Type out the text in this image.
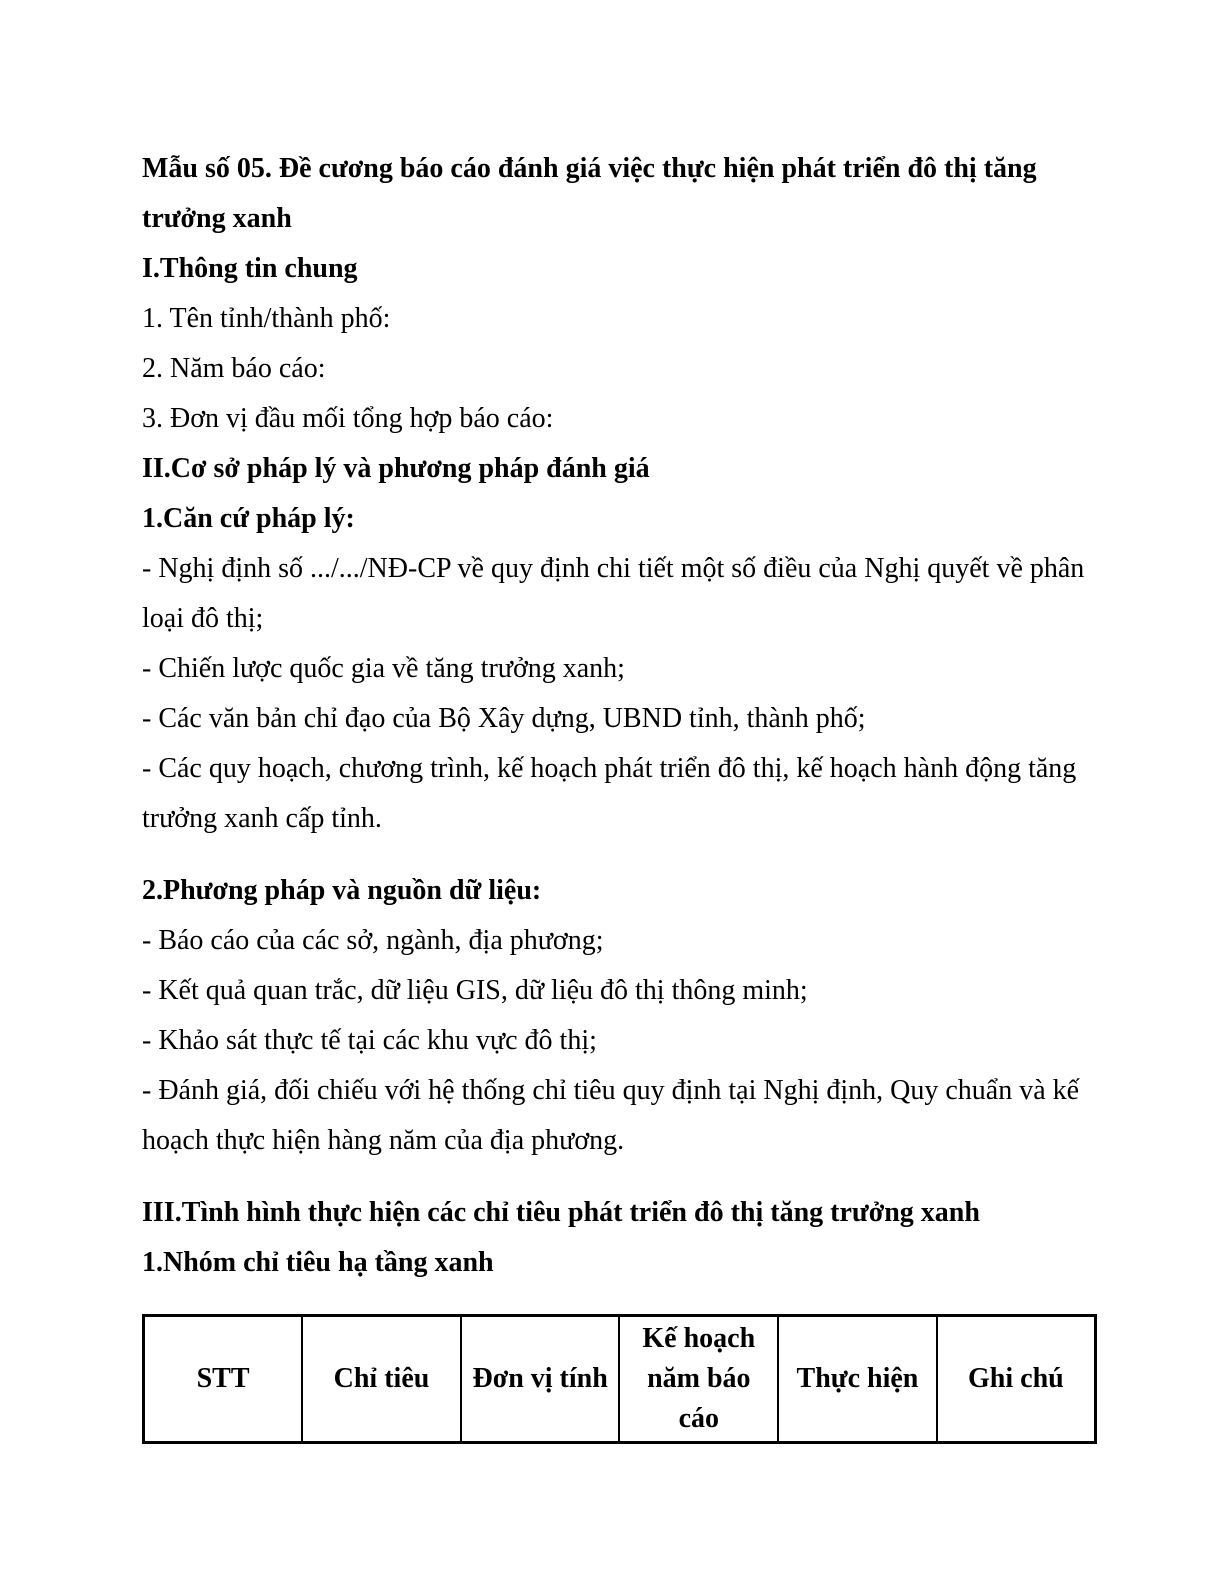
Mẫu số 05. Đề cương báo cáo đánh giá việc thực hiện phát triển đô thị tăng trưởng xanh

I.Thông tin chung

1. Tên tỉnh/thành phố:

2. Năm báo cáo:

3. Đơn vị đầu mối tổng hợp báo cáo:

II.Cơ sở pháp lý và phương pháp đánh giá

1.Căn cứ pháp lý:

- Nghị định số .../.../NĐ-CP về quy định chi tiết một số điều của Nghị quyết về phân loại đô thị;

- Chiến lược quốc gia về tăng trưởng xanh;

- Các văn bản chỉ đạo của Bộ Xây dựng, UBND tỉnh, thành phố;

- Các quy hoạch, chương trình, kế hoạch phát triển đô thị, kế hoạch hành động tăng trưởng xanh cấp tỉnh.

2.Phương pháp và nguồn dữ liệu:

- Báo cáo của các sở, ngành, địa phương;

- Kết quả quan trắc, dữ liệu GIS, dữ liệu đô thị thông minh;

- Khảo sát thực tế tại các khu vực đô thị;

- Đánh giá, đối chiếu với hệ thống chỉ tiêu quy định tại Nghị định, Quy chuẩn và kế hoạch thực hiện hàng năm của địa phương.

III.Tình hình thực hiện các chỉ tiêu phát triển đô thị tăng trưởng xanh

1.Nhóm chỉ tiêu hạ tầng xanh

STT	Chỉ tiêu	Đơn vị tính	Kế hoạch năm báo cáo	Thực hiện	Ghi chú
